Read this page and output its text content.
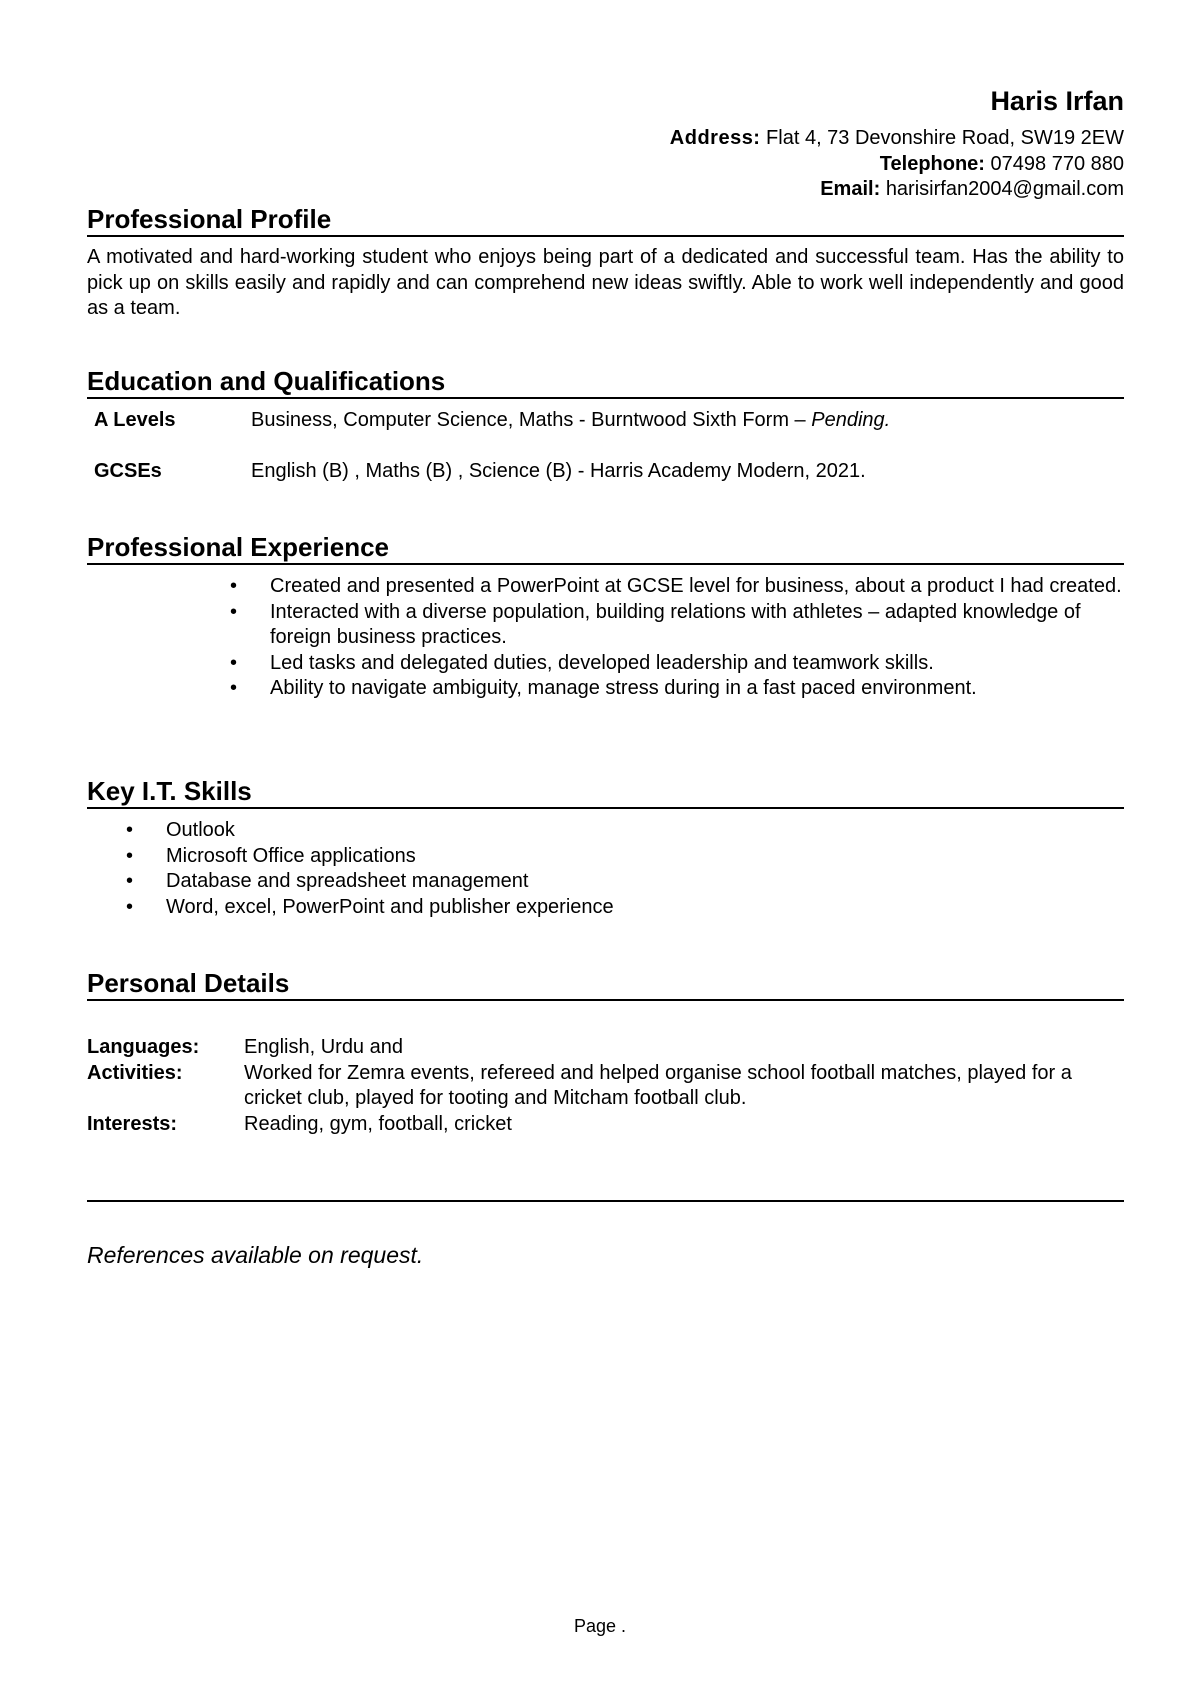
Haris Irfan
Address: Flat 4, 73 Devonshire Road, SW19 2EW
Telephone: 07498 770 880
Email: harisirfan2004@gmail.com
Professional Profile
A motivated and hard-working student who enjoys being part of a dedicated and successful team. Has the ability to pick up on skills easily and rapidly and can comprehend new ideas swiftly. Able to work well independently and good as a team.
Education and Qualifications
A Levels	Business, Computer Science, Maths - Burntwood Sixth Form – Pending.
GCSEs	English (B) , Maths (B) , Science (B) - Harris Academy Modern, 2021.
Professional Experience
• Created and presented a PowerPoint at GCSE level for business, about a product I had created.
• Interacted with a diverse population, building relations with athletes – adapted knowledge of foreign business practices.
• Led tasks and delegated duties, developed leadership and teamwork skills.
• Ability to navigate ambiguity, manage stress during in a fast paced environment.
Key I.T. Skills
• Outlook
• Microsoft Office applications
• Database and spreadsheet management
• Word, excel, PowerPoint and publisher experience
Personal Details
Languages:	English, Urdu and
Activities:	Worked for Zemra events, refereed and helped organise school football matches, played for a cricket club, played for tooting and Mitcham football club.
Interests:	Reading, gym, football, cricket
References available on request.
Page .
